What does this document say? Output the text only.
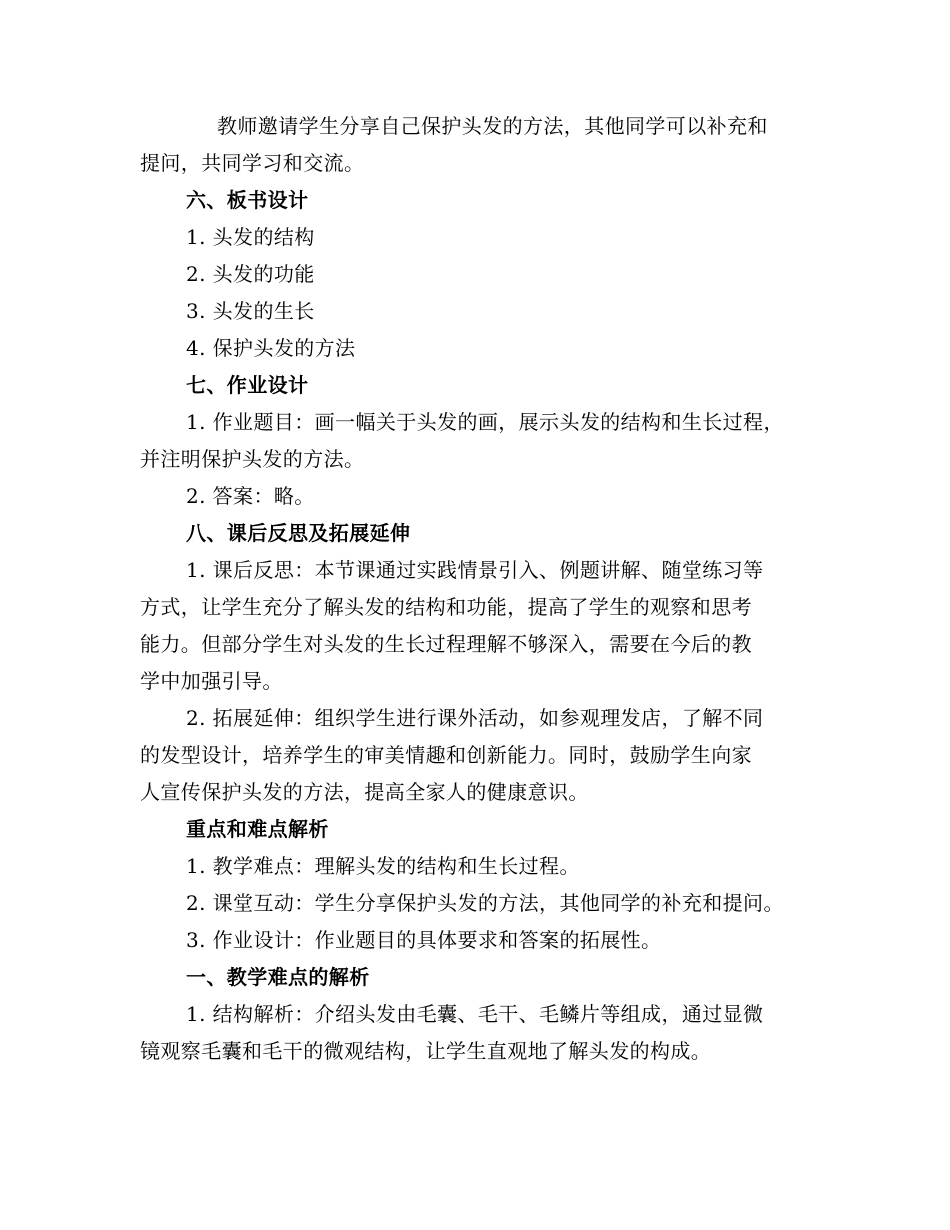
教师邀请学生分享自己保护头发的方法，其他同学可以补充和
提问，共同学习和交流。
六、板书设计
1. 头发的结构
2. 头发的功能
3. 头发的生长
4. 保护头发的方法
七、作业设计
1. 作业题目：画一幅关于头发的画，展示头发的结构和生长过程，
并注明保护头发的方法。
2. 答案：略。
八、课后反思及拓展延伸
1. 课后反思：本节课通过实践情景引入、例题讲解、随堂练习等
方式，让学生充分了解头发的结构和功能，提高了学生的观察和思考
能力。但部分学生对头发的生长过程理解不够深入，需要在今后的教
学中加强引导。
2. 拓展延伸：组织学生进行课外活动，如参观理发店，了解不同
的发型设计，培养学生的审美情趣和创新能力。同时，鼓励学生向家
人宣传保护头发的方法，提高全家人的健康意识。
重点和难点解析
1. 教学难点：理解头发的结构和生长过程。
2. 课堂互动：学生分享保护头发的方法，其他同学的补充和提问。
3. 作业设计：作业题目的具体要求和答案的拓展性。
一、教学难点的解析
1. 结构解析：介绍头发由毛囊、毛干、毛鳞片等组成，通过显微
镜观察毛囊和毛干的微观结构，让学生直观地了解头发的构成。
